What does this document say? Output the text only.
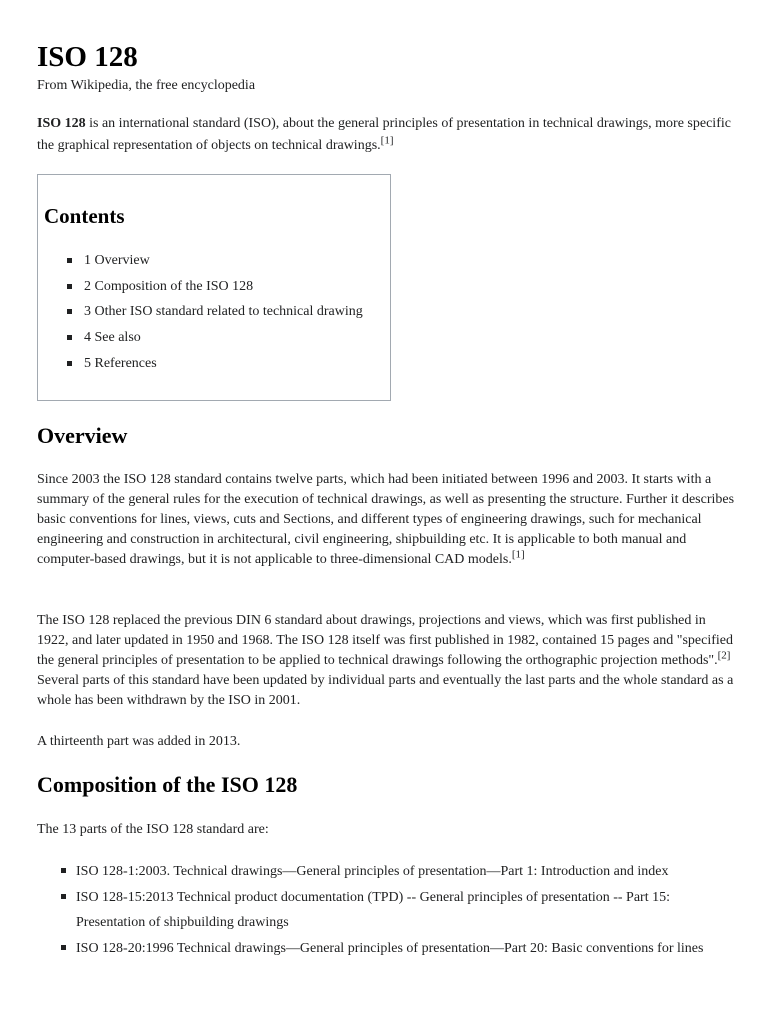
ISO 128
From Wikipedia, the free encyclopedia

ISO 128 is an international standard (ISO), about the general principles of presentation in technical drawings, more specific the graphical representation of objects on technical drawings.[1]

Contents
1 Overview
2 Composition of the ISO 128
3 Other ISO standard related to technical drawing
4 See also
5 References
Overview

Since 2003 the ISO 128 standard contains twelve parts, which had been initiated between 1996 and 2003. It starts with a summary of the general rules for the execution of technical drawings, as well as presenting the structure. Further it describes basic conventions for lines, views, cuts and Sections, and different types of engineering drawings, such for mechanical engineering and construction in architectural, civil engineering, shipbuilding etc. It is applicable to both manual and computer-based drawings, but it is not applicable to three-dimensional CAD models.[1]

The ISO 128 replaced the previous DIN 6 standard about drawings, projections and views, which was first published in 1922, and later updated in 1950 and 1968. The ISO 128 itself was first published in 1982, contained 15 pages and "specified the general principles of presentation to be applied to technical drawings following the orthographic projection methods".[2] Several parts of this standard have been updated by individual parts and eventually the last parts and the whole standard as a whole has been withdrawn by the ISO in 2001.

A thirteenth part was added in 2013.

Composition of the ISO 128

The 13 parts of the ISO 128 standard are:

ISO 128-1:2003. Technical drawings—General principles of presentation—Part 1: Introduction and index
ISO 128-15:2013 Technical product documentation (TPD) -- General principles of presentation -- Part 15: Presentation of shipbuilding drawings
ISO 128-20:1996 Technical drawings—General principles of presentation—Part 20: Basic conventions for lines
